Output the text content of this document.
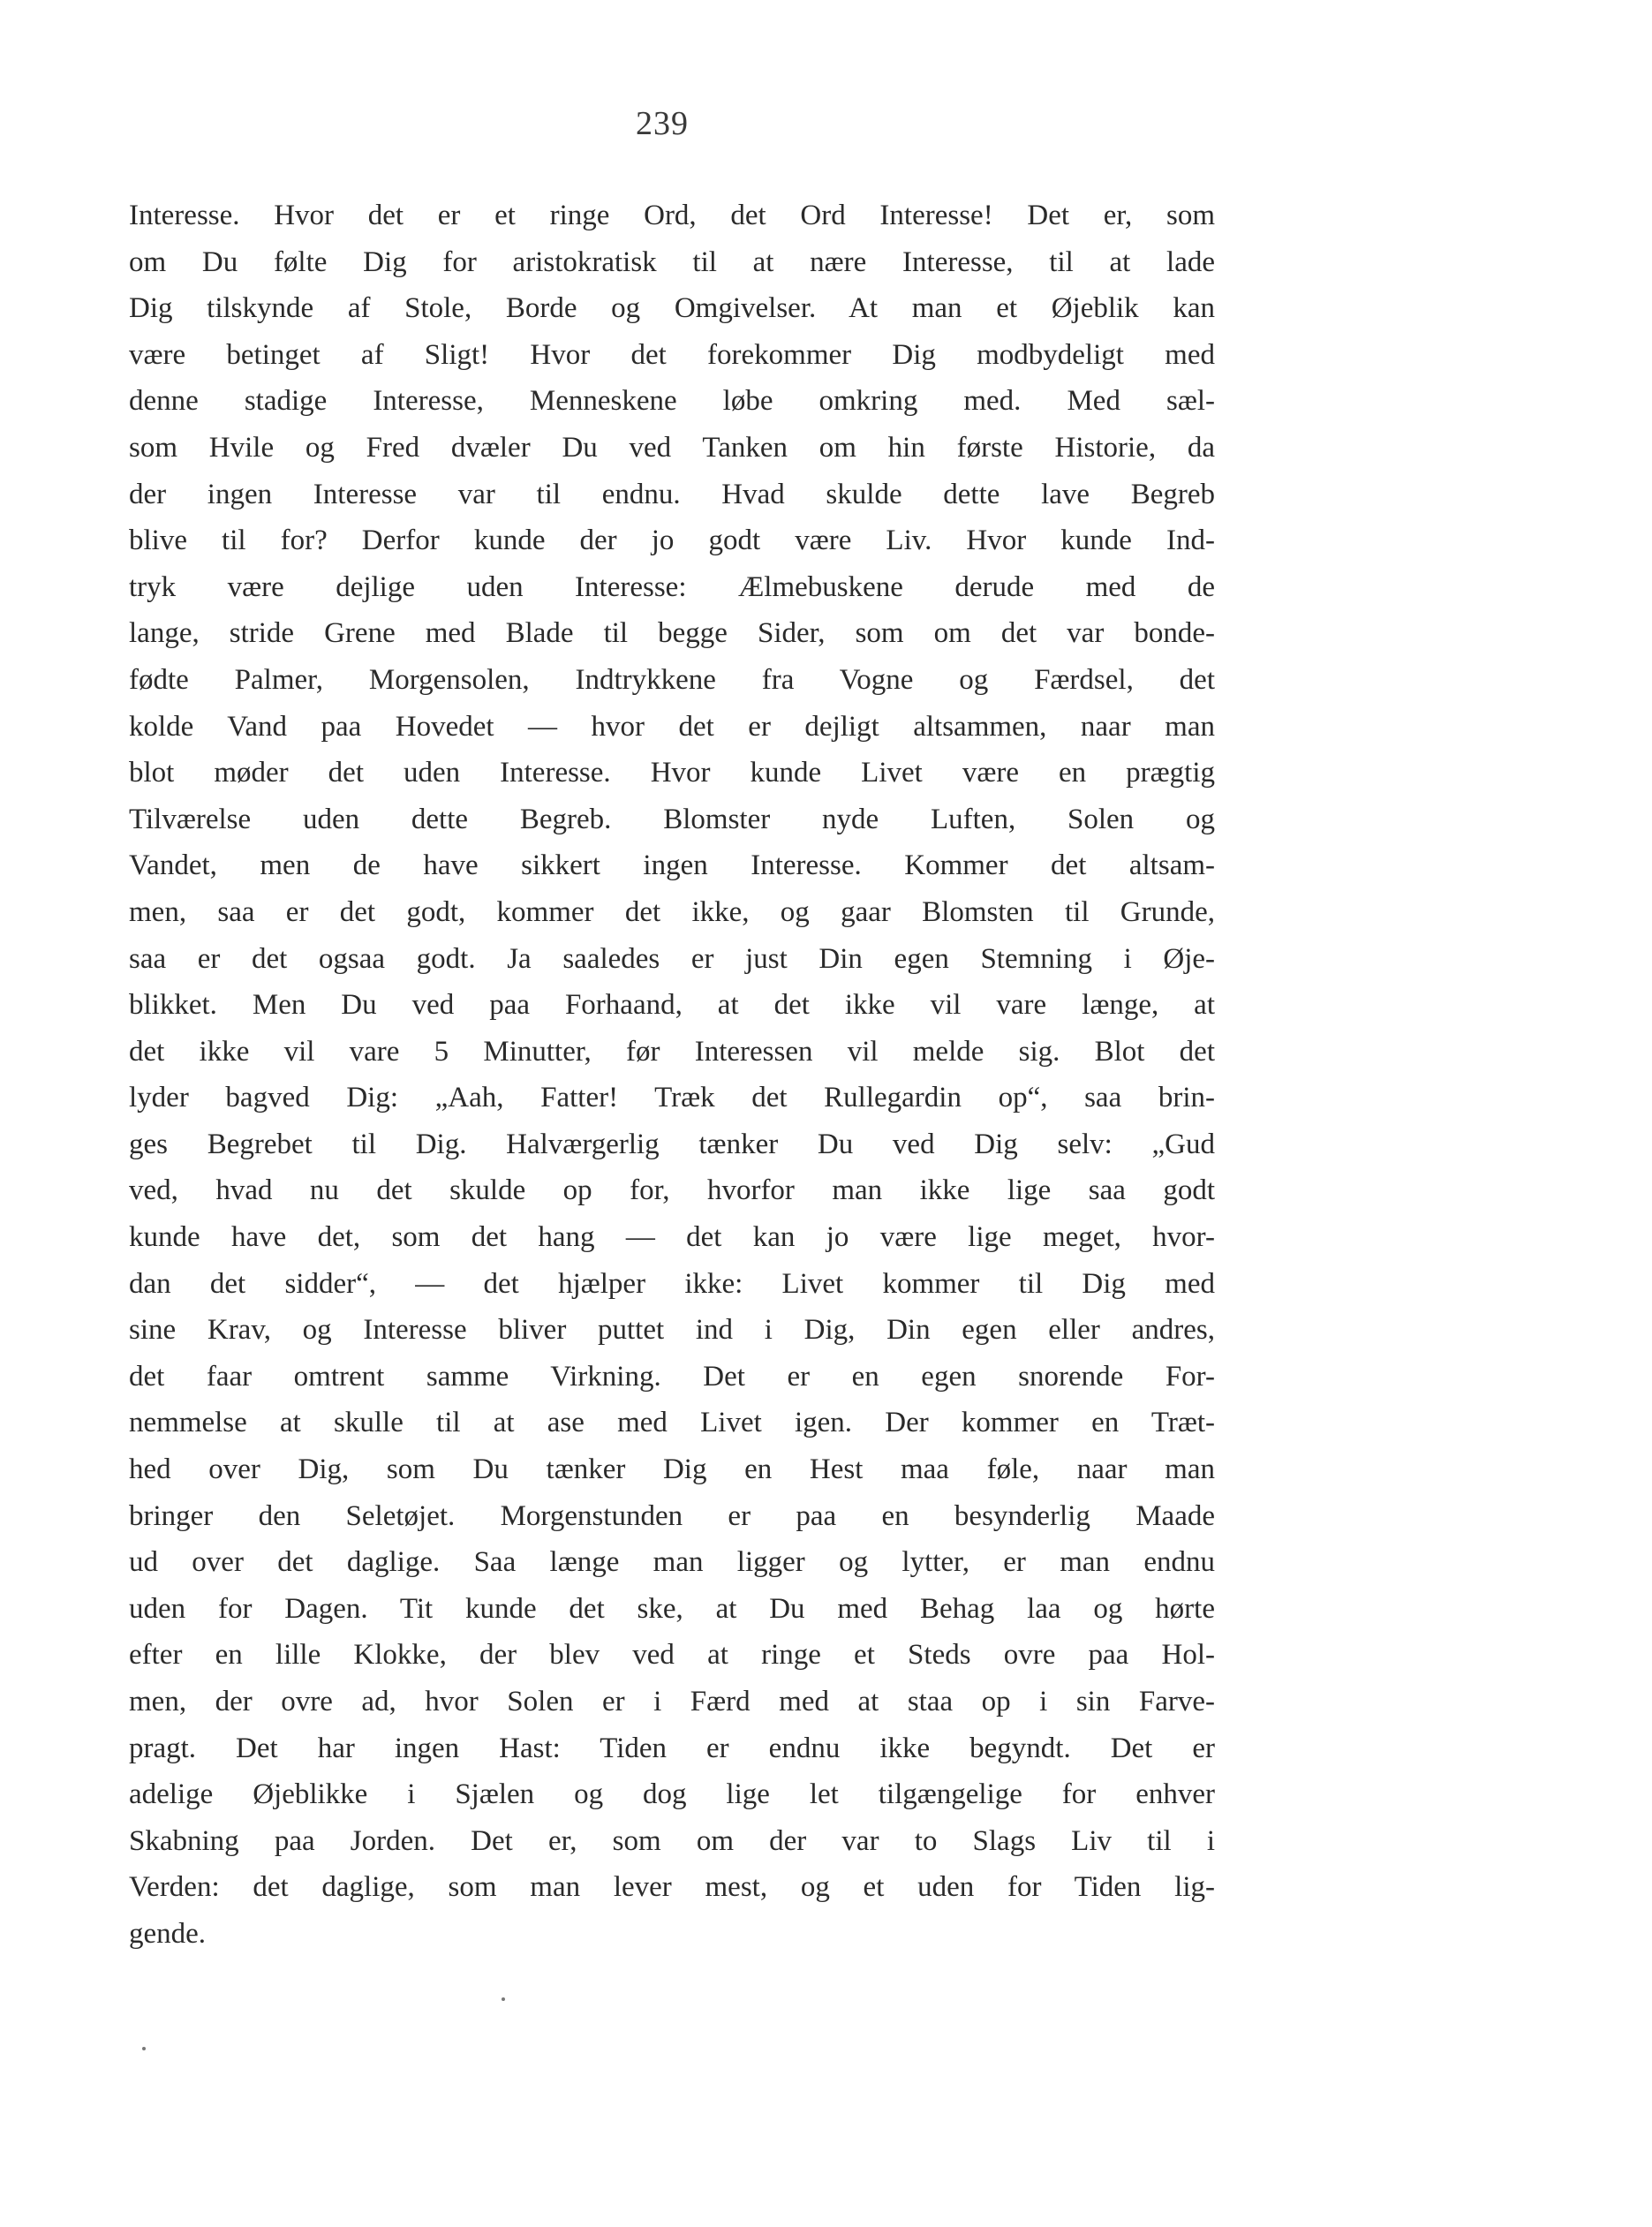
239
Interesse. Hvor det er et ringe Ord, det Ord Interesse! Det er, som
om Du følte Dig for aristokratisk til at nære Interesse, til at lade
Dig tilskynde af Stole, Borde og Omgivelser. At man et Øjeblik kan
være betinget af Sligt! Hvor det forekommer Dig modbydeligt med
denne stadige Interesse, Menneskene løbe omkring med. Med sæl-
som Hvile og Fred dvæler Du ved Tanken om hin første Historie, da
der ingen Interesse var til endnu. Hvad skulde dette lave Begreb
blive til for? Derfor kunde der jo godt være Liv. Hvor kunde Ind-
tryk være dejlige uden Interesse: Ælmebuskene derude med de
lange, stride Grene med Blade til begge Sider, som om det var bonde-
fødte Palmer, Morgensolen, Indtrykkene fra Vogne og Færdsel, det
kolde Vand paa Hovedet — hvor det er dejligt altsammen, naar man
blot møder det uden Interesse. Hvor kunde Livet være en prægtig
Tilværelse uden dette Begreb. Blomster nyde Luften, Solen og
Vandet, men de have sikkert ingen Interesse. Kommer det altsam-
men, saa er det godt, kommer det ikke, og gaar Blomsten til Grunde,
saa er det ogsaa godt. Ja saaledes er just Din egen Stemning i Øje-
blikket. Men Du ved paa Forhaand, at det ikke vil vare længe, at
det ikke vil vare 5 Minutter, før Interessen vil melde sig. Blot det
lyder bagved Dig: „Aah, Fatter! Træk det Rullegardin op“, saa brin-
ges Begrebet til Dig. Halværgerlig tænker Du ved Dig selv: „Gud
ved, hvad nu det skulde op for, hvorfor man ikke lige saa godt
kunde have det, som det hang — det kan jo være lige meget, hvor-
dan det sidder“, — det hjælper ikke: Livet kommer til Dig med
sine Krav, og Interesse bliver puttet ind i Dig, Din egen eller andres,
det faar omtrent samme Virkning. Det er en egen snorende For-
nemmelse at skulle til at ase med Livet igen. Der kommer en Træt-
hed over Dig, som Du tænker Dig en Hest maa føle, naar man
bringer den Seletøjet. Morgenstunden er paa en besynderlig Maade
ud over det daglige. Saa længe man ligger og lytter, er man endnu
uden for Dagen. Tit kunde det ske, at Du med Behag laa og hørte
efter en lille Klokke, der blev ved at ringe et Steds ovre paa Hol-
men, der ovre ad, hvor Solen er i Færd med at staa op i sin Farve-
pragt. Det har ingen Hast: Tiden er endnu ikke begyndt. Det er
adelige Øjeblikke i Sjælen og dog lige let tilgængelige for enhver
Skabning paa Jorden. Det er, som om der var to Slags Liv til i
Verden: det daglige, som man lever mest, og et uden for Tiden lig-
gende.
